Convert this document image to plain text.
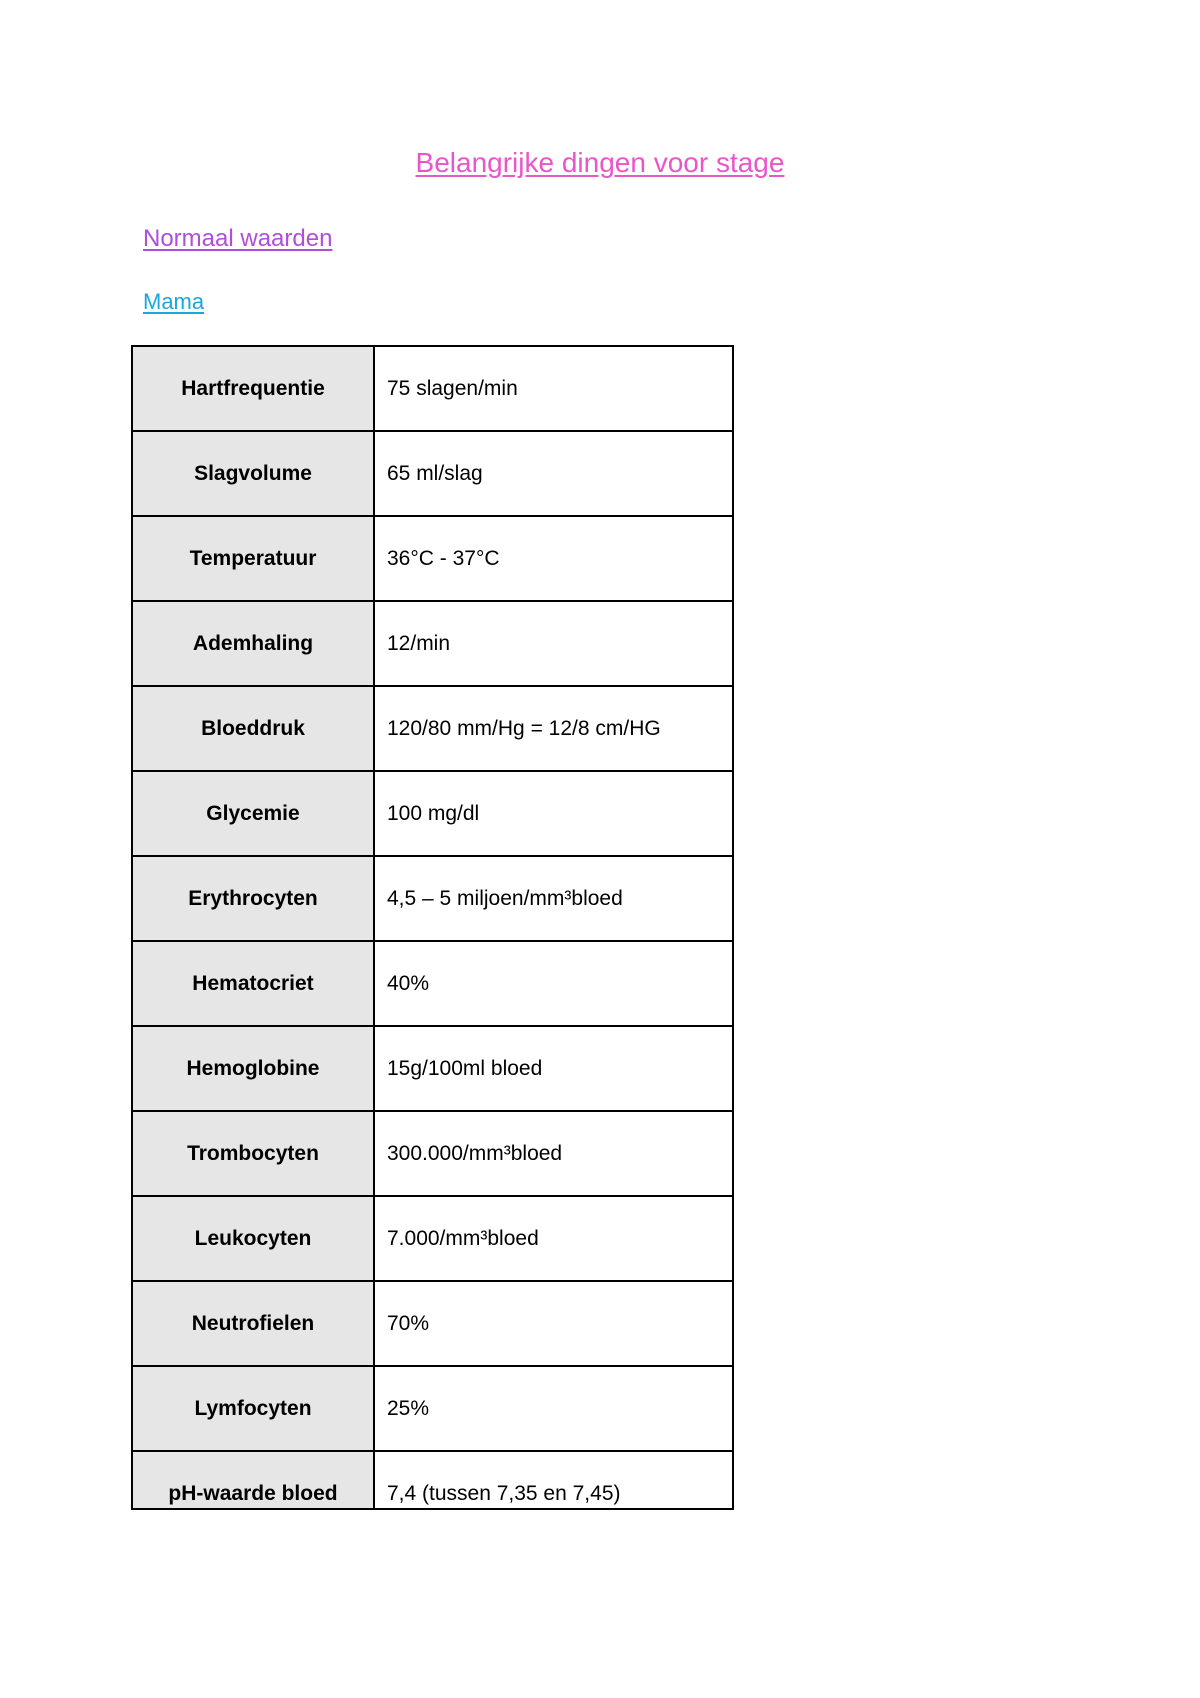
Belangrijke dingen voor stage
Normaal waarden
Mama
Hartfrequentie	75 slagen/min
Slagvolume	65 ml/slag
Temperatuur	36°C - 37°C
Ademhaling	12/min
Bloeddruk	120/80 mm/Hg = 12/8 cm/HG
Glycemie	100 mg/dl
Erythrocyten	4,5 – 5 miljoen/mm³bloed
Hematocriet	40%
Hemoglobine	15g/100ml bloed
Trombocyten	300.000/mm³bloed
Leukocyten	7.000/mm³bloed
Neutrofielen	70%
Lymfocyten	25%
pH-waarde bloed	7,4 (tussen 7,35 en 7,45)
